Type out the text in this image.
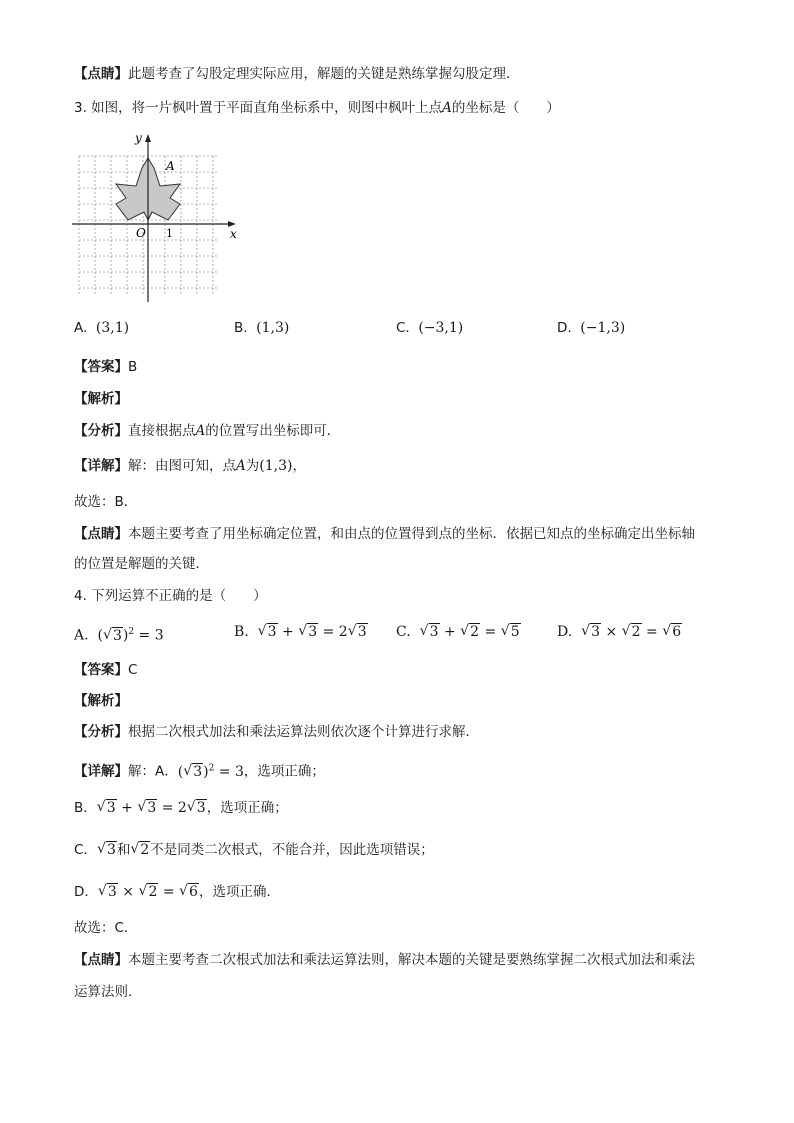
【点睛】此题考查了勾股定理实际应用，解题的关键是熟练掌握勾股定理．
3. 如图，将一片枫叶置于平面直角坐标系中，则图中枫叶上点A的坐标是（　　）
y
x
O 1
A
A. (3,1)	B. (1,3)	C. (−3,1)	D. (−1,3)
【答案】B
【解析】
【分析】直接根据点A的位置写出坐标即可．
【详解】解：由图可知，点A为(1,3)，
故选：B．
【点睛】本题主要考查了用坐标确定位置，和由点的位置得到点的坐标．依据已知点的坐标确定出坐标轴
的位置是解题的关键．
4. 下列运算不正确的是（　　）
A. ( √ 3)$^2$ = 3	B. √ 3 + √ 3 = 2 √ 3 C. √ 3 + √ 2 = √ 5	D. √ 3 × √ 2 = √ 6
【答案】C
【解析】
【分析】根据二次根式加法和乘法运算法则依次逐个计算进行求解．
【详解】解：A．( √ 3)$^2$ = 3，选项正确；
B． √ 3 + √ 3 = 2 √ 3，选项正确；
C． √ 3和 √ 2不是同类二次根式，不能合并，因此选项错误；
D． √ 3 × √ 2 = √ 6，选项正确．
故选：C．
【点睛】本题主要考查二次根式加法和乘法运算法则，解决本题的关键是要熟练掌握二次根式加法和乘法
运算法则．
